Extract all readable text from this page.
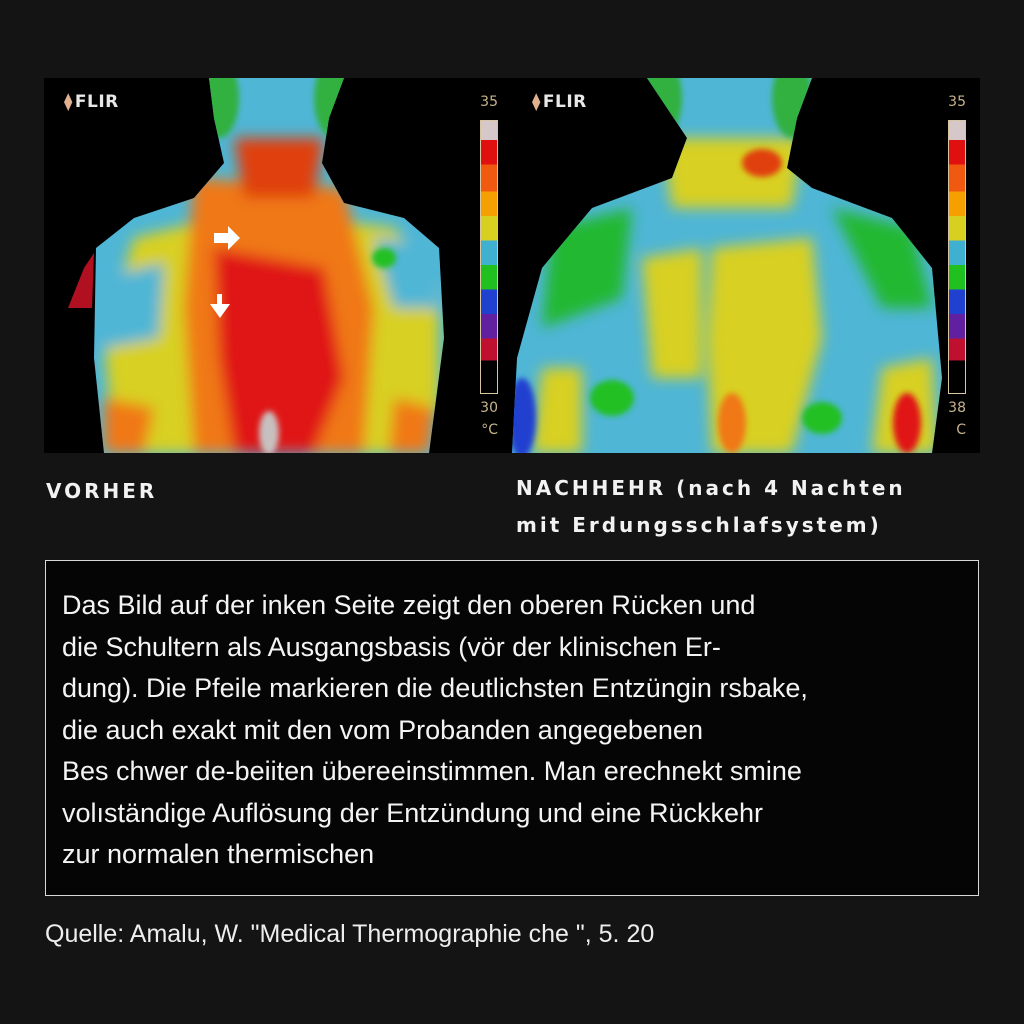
⧫ FLIR	35
30
°C
⧫ FLIR	35
38
C
VORHER	NACHHEHR (nach 4 Nachten mit Erdungsschlafsystem)

Das Bild auf der inken Seite zeigt den oberen Rücken und
die Schultern als Ausgangsbasis (vör der klinischen Er-
dung). Die Pfeile markieren die deutlichsten Entzüngin rsbake,
die auch exakt mit den vom Probanden angegebenen
Bes chwer de-beiiten übereeinstimmen. Man erechnekt smine
volıständige Auflösung der Entzündung und eine Rückkehr
zur normalen thermischen

Quelle: Amalu, W. "Medical Thermographie che ", 5. 20
